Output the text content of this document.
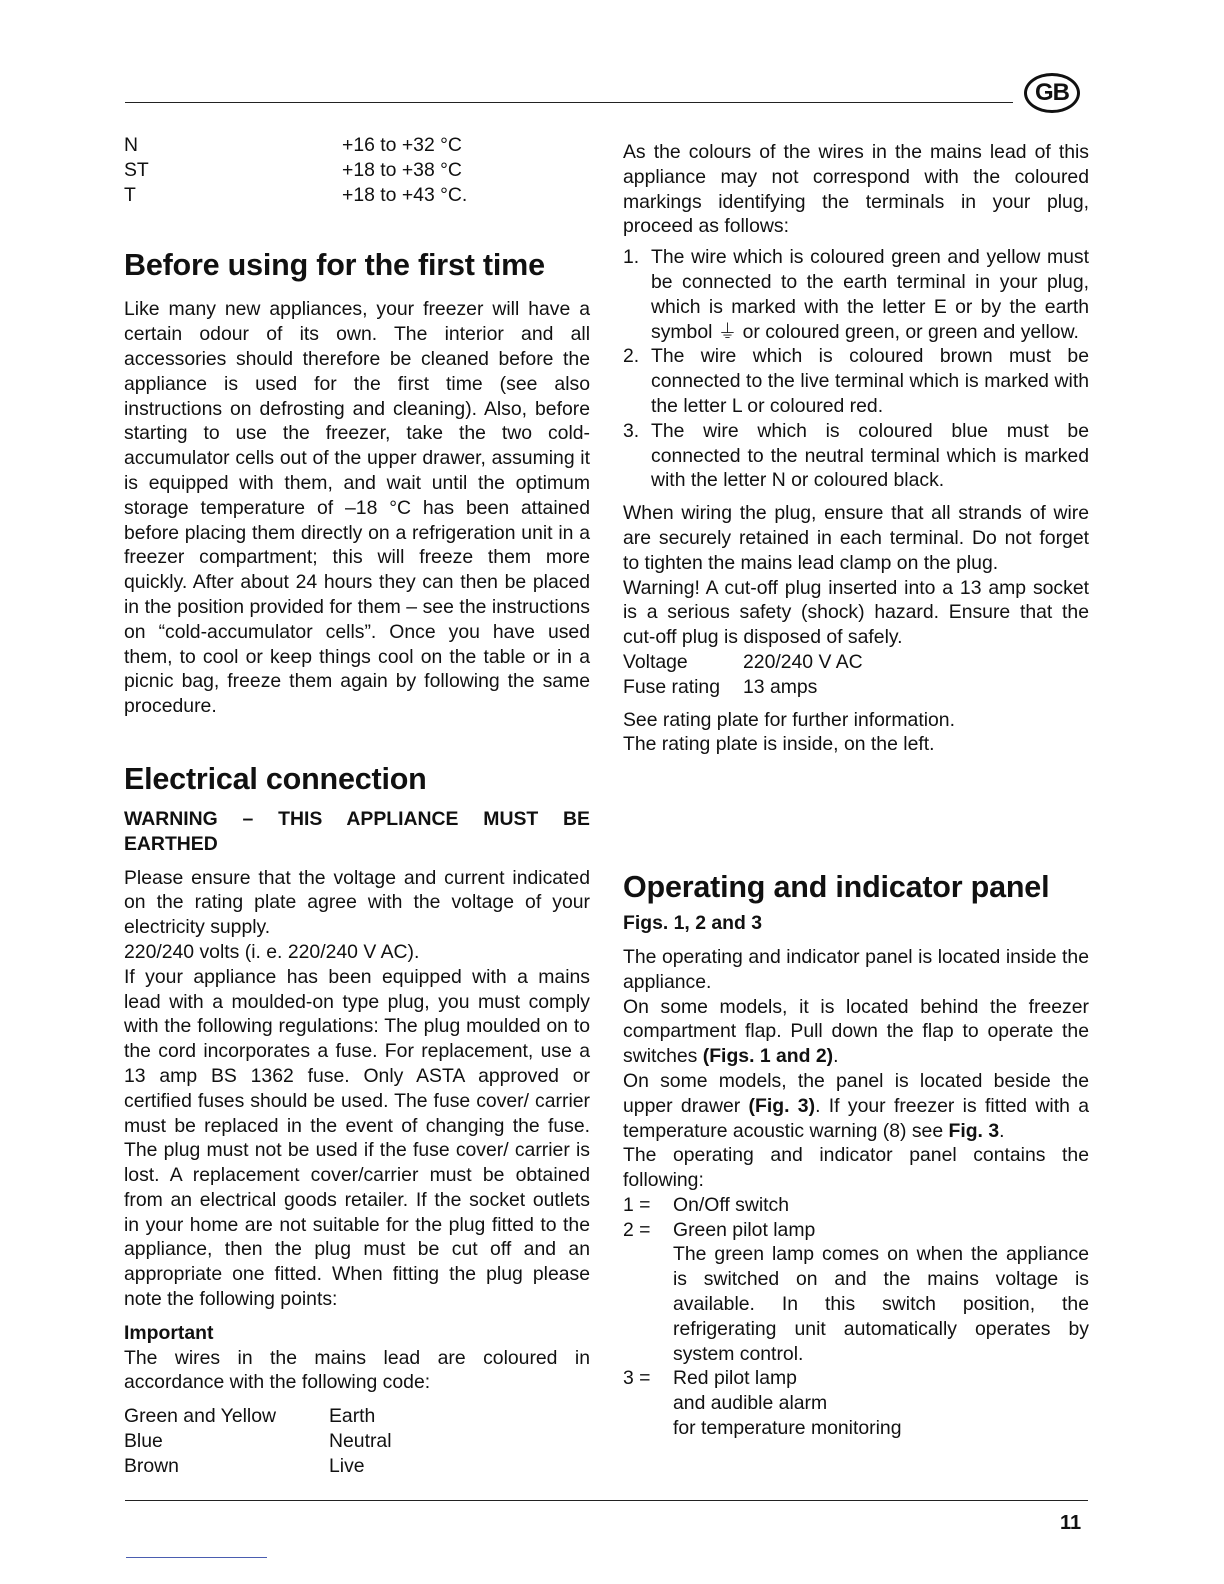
GB
N	+16 to +32 °C
ST	+18 to +38 °C
T	+18 to +43 °C.
Before using for the first time

Like many new appliances, your freezer will have a certain odour of its own. The interior and all accessories should therefore be cleaned before the appliance is used for the first time (see also instructions on defrosting and cleaning). Also, before starting to use the freezer, take the two cold-accumulator cells out of the upper drawer, assuming it is equipped with them, and wait until the optimum storage temperature of –18 °C has been attained before placing them directly on a refrigeration unit in a freezer compartment; this will freeze them more quickly. After about 24 hours they can then be placed in the position provided for them – see the instructions on “cold-accumulator cells”. Once you have used them, to cool or keep things cool on the table or in a picnic bag, freeze them again by following the same procedure.

Electrical connection
WARNING – THIS APPLIANCE MUST BE EARTHED

Please ensure that the voltage and current indicated on the rating plate agree with the voltage of your electricity supply.

220/240 volts (i. e. 220/240 V AC).

If your appliance has been equipped with a mains lead with a moulded-on type plug, you must comply with the following regulations: The plug moulded on to the cord incorporates a fuse. For replacement, use a 13 amp BS 1362 fuse. Only ASTA approved or certified fuses should be used. The fuse cover/ carrier must be replaced in the event of changing the fuse. The plug must not be used if the fuse cover/ carrier is lost. A replacement cover/carrier must be obtained from an electrical goods retailer. If the socket outlets in your home are not suitable for the plug fitted to the appliance, then the plug must be cut off and an appropriate one fitted. When fitting the plug please note the following points:

Important

The wires in the mains lead are coloured in accordance with the following code:

Green and Yellow	Earth
Blue	Neutral
Brown	Live

As the colours of the wires in the mains lead of this appliance may not correspond with the coloured markings identifying the terminals in your plug, proceed as follows:

1. The wire which is coloured green and yellow must be connected to the earth terminal in your plug, which is marked with the letter E or by the earth symbol ⏚ or coloured green, or green and yellow.
2. The wire which is coloured brown must be connected to the live terminal which is marked with the letter L or coloured red.
3. The wire which is coloured blue must be connected to the neutral terminal which is marked with the letter N or coloured black.

When wiring the plug, ensure that all strands of wire are securely retained in each terminal. Do not forget to tighten the mains lead clamp on the plug.

Warning! A cut-off plug inserted into a 13 amp socket is a serious safety (shock) hazard. Ensure that the cut-off plug is disposed of safely.

Voltage	220/240 V AC
Fuse rating	13 amps

See rating plate for further information.

The rating plate is inside, on the left.

Operating and indicator panel
Figs. 1, 2 and 3

The operating and indicator panel is located inside the appliance.

On some models, it is located behind the freezer compartment flap. Pull down the flap to operate the switches (Figs. 1 and 2).

On some models, the panel is located beside the upper drawer (Fig. 3). If your freezer is fitted with a temperature acoustic warning (8) see Fig. 3.

The operating and indicator panel contains the following:

1 =	On/Off switch
2 =	Green pilot lamp
The green lamp comes on when the appliance is switched on and the mains voltage is available. In this switch position, the refrigerating unit automatically operates by system control.
3 =	Red pilot lamp
and audible alarm
for temperature monitoring
11
